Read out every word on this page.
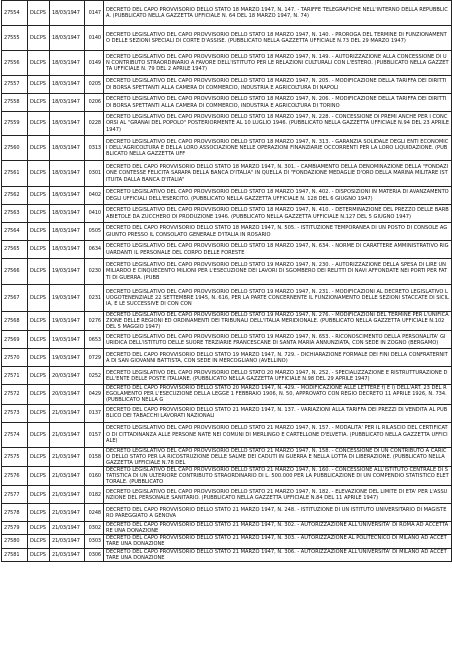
27554	DLCPS	18/03/1947	0147	DECRETO DEL CAPO PROVVISORIO DELLO STATO 18 MARZO 1947, N. 147. - TARIFFE TELEGRAFICHE NELL'INTERNO DELLA REPUBBLICA. (PUBBLICATO NELLA GAZZETTA UFFICIALE N. 64 DEL 18 MARZO 1947, N. 74)
27555	DLCPS	18/03/1947	0140	DECRETO LEGISLATIVO DEL CAPO PROVVISORIO DELLO STATO 18 MARZO 1947, N. 140. - PROROGA DEL TERMINE DI FUNZIONAMENTO DELLE SEZIONI SPECIALI DI CORTE D'ASSISE. (PUBBLICATO NELLA GAZZETTA UFFICIALE N.73 DEL 29 MARZO 1947)
27556	DLCPS	18/03/1947	0149	DECRETO LEGISLATIVO DEL CAPO PROVVISORIO DELLO STATO 18 MARZO 1947, N. 149. - AUTORIZZAZIONE ALLA CONCESSIONE DI UN CONTRIBUTO STRAORDINARIO A FAVORE DELL'ISTITUTO PER LE RELAZIONI CULTURALI CON L'ESTERO. (PUBBLICATO NELLA GAZZETTA UFFICIALE N. 79 DEL 2 APRILE 1947)
27557	DLCPS	18/03/1947	0205	DECRETO LEGISLATIVO DEL CAPO PROVVISORIO DELLO STATO 18 MARZO 1947, N. 205. - MODIFICAZIONE DELLA TARIFFA DEI DIRITTI DI BORSA SPETTANTI ALLA CAMERA DI COMMERCIO, INDUSTRIA E AGRICOLTURA DI NAPOLI
27558	DLCPS	18/03/1947	0206	DECRETO LEGISLATIVO DEL CAPO PROVVISORIO DELLO STATO 18 MARZO 1947, N. 206. - MODIFICAZIONE DELLA TARIFFA DEI DIRITTI DI BORSA SPETTANTI ALLA CAMERA DI COMMERCIO, INDUSTRIA E AGRICOLTURA DI TORINO
27559	DLCPS	18/03/1947	0228	DECRETO LEGISLATIVO DEL CAPO PROVVISORIO DELLO STATO 18 MARZO 1947, N. 228. - CONCESSIONE DI PREMI ANCHE PER I CONCORSI AL "GRANAI DEL POPOLO" POSTERIORMENTE AL 10 LUGLIO 1946. (PUBBLICATO NELLA GAZZETTA UFFICIALE N.94 DEL 23 APRILE 1947)
27560	DLCPS	18/03/1947	0313	DECRETO LEGISLATIVO DEL CAPO PROVVISORIO DELLO STATO 18 MARZO 1947, N. 313. - GARANZIA SOLIDALE DEGLI ENTI ECONOMICI DELL'AGRICOLTURA E DELLA LORO ASSOCIAZIONE NELLE OPERAZIONI FINANZIARIE OCCORRENTI PER LA LORO LIQUIDAZIONE. (PUBBLICATO NELLA GAZZETTA UFF
27561	DLCPS	18/03/1947	0301	DECRETO DEL CAPO PROVVISORIO DELLO STATO 18 MARZO 1947, N. 301. - CAMBIAMENTO DELLA DENOMINAZIONE DELLA "FONDAZIONE CONTESSE FELICITA SARAPA DELLA BANCA D'ITALIA" IN QUELLA DI "FONDAZIONE MEDAGLIE D'ORO DELLA MARINA MILITARE ISTITUITA DALLA BANCA D'ITALIA"
27562	DLCPS	18/03/1947	0402	DECRETO LEGISLATIVO DEL CAPO PROVVISORIO DELLO STATO 18 MARZO 1947, N. 402. - DISPOSIZIONI IN MATERIA DI AVANZAMENTO DEGLI UFFICIALI DELL'ESERCITO. (PUBBLICATO NELLA GAZZETTA UFFICIALE N. 128 DEL 6 GIUGNO 1947)
27563	DLCPS	18/03/1947	0410	DECRETO LEGISLATIVO DEL CAPO PROVVISORIO DELLO STATO 18 MARZO 1947, N. 410. - DETERMINAZIONE DEL PREZZO DELLE BARBABIETOLE DA ZUCCHERO DI PRODUZIONE 1946. (PUBBLICATO NELLA GAZZETTA UFFICIALE N.127 DEL 5 GIUGNO 1947)
27564	DLCPS	18/03/1947	0505	DECRETO DEL CAPO PROVVISORIO DELLO STATO 18 MARZO 1947, N. 505. - ISTITUZIONE TEMPORANEA DI UN POSTO DI CONSOLE AGGIUNTO PRESSO IL CONSOLATO GENERALE D'ITALIA IN ROSARIO
27565	DLCPS	18/03/1947	0634	DECRETO LEGISLATIVO DEL CAPO PROVVISORIO DELLO STATO 18 MARZO 1947, N. 634. - NORME DI CARATTERE AMMINISTRATIVO RIGUARDANTI IL PERSONALE DEL CORPO DELLE FORESTE
27566	DLCPS	19/03/1947	0230	DECRETO LEGISLATIVO DEL CAPO PROVVISORIO DELLO STATO 19 MARZO 1947, N. 230. - AUTORIZZAZIONE DELLA SPESA DI LIRE UN MILIARDO E CINQUECENTO MILIONI PER L'ESECUZIONE DEI LAVORI DI SGOMBERO DEI RELITTI DI NAVI AFFONDATE NEI PORTI PER FATTI DI GUERRA. (PUBB
27567	DLCPS	19/03/1947	0231	DECRETO LEGISLATIVO DEL CAPO PROVVISORIO DELLO STATO 19 MARZO 1947, N. 231. - MODIFICAZIONI AL DECRETO LEGISLATIVO LUOGOTENENZIALE 22 SETTEMBRE 1945, N. 616, PER LA PARTE CONCERNENTE IL FUNZIONAMENTO DELLE SEZIONI STACCATE DI SICILIA, E LE SUCCESSIVE DI CON CON
27568	DLCPS	19/03/1947	0276	DECRETO LEGISLATIVO DEL CAPO PROVVISORIO DELLO STATO 19 MARZO 1947, N. 276. - MODIFICAZIONI DEL TERMINE PER L'UNIFICAZIONE DELLE REGIONI ED ORDINAMENTI DEI TRIBUNALI DELL'ITALIA MERIDIONALE. (PUBBLICATO NELLA GAZZETTA UFFICIALE N.102 DEL 5 MAGGIO 1947)
27569	DLCPS	19/03/1947	0653	DECRETO LEGISLATIVO DEL CAPO PROVVISORIO DELLO STATO 19 MARZO 1947, N. 653. - RICONOSCIMENTO DELLA PERSONALITA' GIURIDICA DELL'ISTITUTO DELLE SUORE TERZIARIE FRANCESCANE DI SANTA MARIA ANNUNZIATA, CON SEDE IN ZOGNO (BERGAMO)
27570	DLCPS	19/03/1947	0729	DECRETO DEL CAPO PROVVISORIO DELLO STATO 19 MARZO 1947, N. 729. - DICHIARAZIONE FORMALE DEI FINI DELLA CONFRATERNITA DI SAN GIOVANNI BATTISTA, CON SEDE IN MERCOGLIANO (AVELLINO)
27571	DLCPS	20/03/1947	0252	DECRETO LEGISLATIVO DEL CAPO PROVVISORIO DELLO STATO 20 MARZO 1947, N. 252. - SPECIALIZZAZIONE E RISTRUTTURAZIONE DELL'ENTE DELLE POSTE ITALIANE. (PUBBLICATO NELLA GAZZETTA UFFICIALE N.98 DEL 29 APRILE 1947)
27572	DLCPS	20/03/1947	0429	DECRETO DEL CAPO PROVVISORIO DELLO STATO 20 MARZO 1947, N. 429. - MODIFICAZIONE ALLE LETTERE f) E l) DELL'ART. 23 DEL REGOLAMENTO PER L'ESECUZIONE DELLA LEGGE 1 FEBBRAIO 1906, N. 50, APPROVATO CON REGIO DECRETO 11 APRILE 1926, N. 734. (PUBBLICATO NELLA G
27573	DLCPS	21/03/1947	0137	DECRETO DEL CAPO PROVVISORIO DELLO STATO 21 MARZO 1947, N. 137. - VARIAZIONI ALLA TARIFFA DEI PREZZI DI VENDITA AL PUBBLICO DEI TABACCHI LAVORATI NAZIONALI
27574	DLCPS	21/03/1947	0157	DECRETO LEGISLATIVO DEL CAPO PROVVISORIO DELLO STATO 21 MARZO 1947, N. 157. - MODALITA' PER IL RILASCIO DEL CERTIFICATO DI CITTADINANZA ALLE PERSONE NATE NEI COMUNI DI MERLINGO E CARTELLONE D'ELVETIA. (PUBBLICATO NELLA GAZZETTA UFFICIALE)
27575	DLCPS	21/03/1947	0158	DECRETO LEGISLATIVO DEL CAPO PROVVISORIO DELLO STATO 21 MARZO 1947, N. 158. - CONCESSIONE DI UN CONTRIBUTO A CARICO DELLO STATO PER LA RICOSTRUZIONE DELLE SALME DEI CADUTI IN GUERRA E NELLA LOTTA DI LIBERAZIONE. (PUBBLICATO NELLA GAZZETTA UFFICIALE N.78 DEL
27576	DLCPS	21/03/1947	0160	DECRETO LEGISLATIVO DEL CAPO PROVVISORIO DELLO STATO 21 MARZO 1947, N. 160. - CONCESSIONE ALL'ISTITUTO CENTRALE DI STATISTICA DI UN ULTERIORE CONTRIBUTO STRAORDINARIO DI L. 500.000 PER LA PUBBLICAZIONE DI UN COMPENDIO STATISTICO ELETTORALE. (PUBBLICATO
27577	DLCPS	21/03/1947	0182	DECRETO LEGISLATIVO DEL CAPO PROVVISORIO DELLO STATO 21 MARZO 1947, N. 182. - ELEVAZIONE DEL LIMITE DI ETA' PER L'ASSUNZIONE DEL PERSONALE SANITARIO. (PUBBLICATO NELLA GAZZETTA UFFICIALE N.84 DEL 11 APRILE 1947)
27578	DLCPS	21/03/1947	0248	DECRETO DEL CAPO PROVVISORIO DELLO STATO 21 MARZO 1947, N. 248. - ISTITUZIONE DI UN ISTITUTO UNIVERSITARIO DI MAGISTERO PAREGGIATO A GENOVA
27579	DLCPS	21/03/1947	0302	DECRETO DEL CAPO PROVVISORIO DELLO STATO 21 MARZO 1947, N. 302. - AUTORIZZAZIONE ALL'UNIVERSITA' DI ROMA AD ACCETTARE UNA DONAZIONE
27580	DLCPS	21/03/1947	0303	DECRETO DEL CAPO PROVVISORIO DELLO STATO 21 MARZO 1947, N. 303. - AUTORIZZAZIONE AL POLITECNICO DI MILANO AD ACCETTARE UNA DONAZIONE
27581	DLCPS	21/03/1947	0306	DECRETO DEL CAPO PROVVISORIO DELLO STATO 21 MARZO 1947, N. 306. - AUTORIZZAZIONE ALL'UNIVERSITA' DI MILANO AD ACCETTARE UNA DONAZIONE
